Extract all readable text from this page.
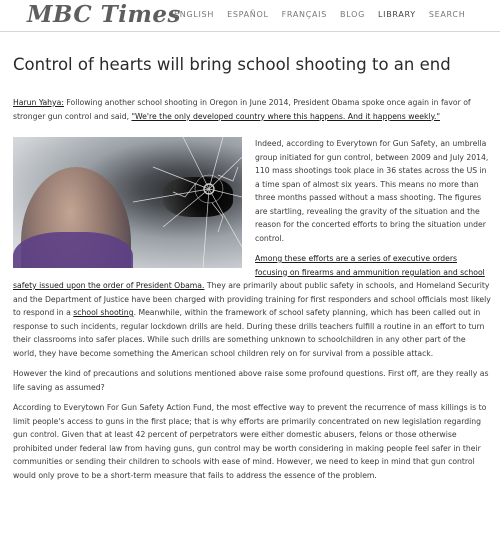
MBC Times
ENGLISH ESPAÑOL FRANÇAIS BLOG LIBRARY SEARCH
Control of hearts will bring school shooting to an end

Harun Yahya: Following another school shooting in Oregon in June 2014, President Obama spoke once again in favor of stronger gun control and said, "We're the only developed country where this happens. And it happens weekly."

Indeed, according to Everytown for Gun Safety, an umbrella group initiated for gun control, between 2009 and July 2014, 110 mass shootings took place in 36 states across the US in a time span of almost six years. This means no more than three months passed without a mass shooting. The figures are startling, revealing the gravity of the situation and the reason for the concerted efforts to bring the situation under control.

Among these efforts are a series of executive orders focusing on firearms and ammunition regulation and school safety issued upon the order of President Obama. They are primarily about public safety in schools, and Homeland Security and the Department of Justice have been charged with providing training for first responders and school officials most likely to respond in a school shooting. Meanwhile, within the framework of school safety planning, which has been called out in response to such incidents, regular lockdown drills are held. During these drills teachers fulfill a routine in an effort to turn their classrooms into safer places. While such drills are something unknown to schoolchildren in any other part of the world, they have become something the American school children rely on for survival from a possible attack.

However the kind of precautions and solutions mentioned above raise some profound questions. First off, are they really as life saving as assumed?

According to Everytown For Gun Safety Action Fund, the most effective way to prevent the recurrence of mass killings is to limit people's access to guns in the first place; that is why efforts are primarily concentrated on new legislation regarding gun control. Given that at least 42 percent of perpetrators were either domestic abusers, felons or those otherwise prohibited under federal law from having guns, gun control may be worth considering in making people feel safer in their communities or sending their children to schools with ease of mind. However, we need to keep in mind that gun control would only prove to be a short-term measure that fails to address the essence of the problem.
